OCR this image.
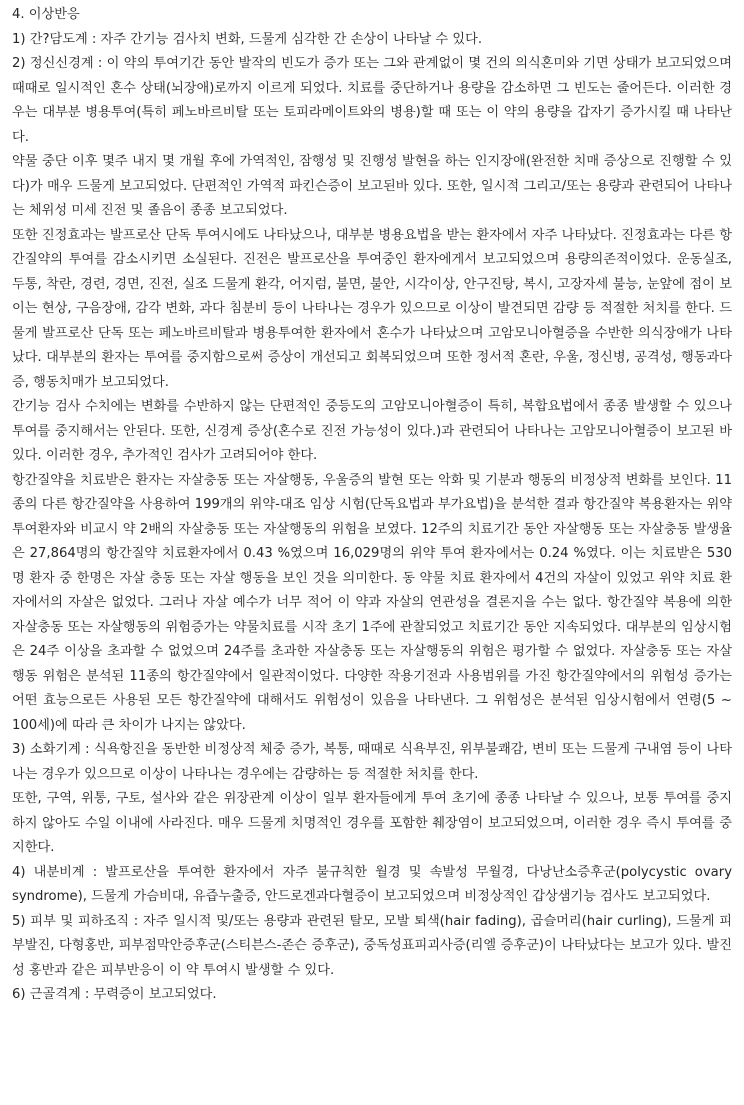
4. 이상반응

1) 간?담도계 : 자주 간기능 검사치 변화, 드물게 심각한 간 손상이 나타날 수 있다.

2) 정신신경계 : 이 약의 투여기간 동안 발작의 빈도가 증가 또는 그와 관계없이 몇 건의 의식혼미와 기면 상태가 보고되었으며 때때로 일시적인 혼수 상태(뇌장애)로까지 이르게 되었다. 치료를 중단하거나 용량을 감소하면 그 빈도는 줄어든다. 이러한 경우는 대부분 병용투여(특히 페노바르비탈 또는 토피라메이트와의 병용)할 때 또는 이 약의 용량을 갑자기 증가시킬 때 나타난다.

약물 중단 이후 몇주 내지 몇 개월 후에 가역적인, 잠행성 및 진행성 발현을 하는 인지장애(완전한 치매 증상으로 진행할 수 있다)가 매우 드물게 보고되었다. 단편적인 가역적 파킨슨증이 보고된바 있다. 또한, 일시적 그리고/또는 용량과 관련되어 나타나는 체위성 미세 진전 및 졸음이 종종 보고되었다.

또한 진정효과는 발프로산 단독 투여시에도 나타났으나, 대부분 병용요법을 받는 환자에서 자주 나타났다. 진정효과는 다른 항간질약의 투여를 감소시키면 소실된다. 진전은 발프로산을 투여중인 환자에게서 보고되었으며 용량의존적이었다. 운동실조, 두통, 착란, 경련, 경면, 진전, 실조 드물게 환각, 어지럼, 불면, 불안, 시각이상, 안구진탕, 복시, 고장자세 불능, 눈앞에 점이 보이는 현상, 구음장애, 감각 변화, 과다 침분비 등이 나타나는 경우가 있으므로 이상이 발견되면 감량 등 적절한 처치를 한다. 드물게 발프로산 단독 또는 페노바르비탈과 병용투여한 환자에서 혼수가 나타났으며 고암모니아혈증을 수반한 의식장애가 나타났다. 대부분의 환자는 투여를 중지함으로써 증상이 개선되고 회복되었으며 또한 정서적 혼란, 우울, 정신병, 공격성, 행동과다증, 행동치매가 보고되었다.

간기능 검사 수치에는 변화를 수반하지 않는 단편적인 중등도의 고암모니아혈증이 특히, 복합요법에서 종종 발생할 수 있으나 투여를 중지해서는 안된다. 또한, 신경계 증상(혼수로 진전 가능성이 있다.)과 관련되어 나타나는 고암모니아혈증이 보고된 바 있다. 이러한 경우, 추가적인 검사가 고려되어야 한다.

항간질약을 치료받은 환자는 자살충동 또는 자살행동, 우울증의 발현 또는 악화 및 기분과 행동의 비정상적 변화를 보인다. 11종의 다른 항간질약을 사용하여 199개의 위약-대조 임상 시험(단독요법과 부가요법)을 분석한 결과 항간질약 복용환자는 위약 투여환자와 비교시 약 2배의 자살충동 또는 자살행동의 위험을 보였다. 12주의 치료기간 동안 자살행동 또는 자살충동 발생율은 27,864명의 항간질약 치료환자에서 0.43 %였으며 16,029명의 위약 투여 환자에서는 0.24 %였다. 이는 치료받은 530명 환자 중 한명은 자살 충동 또는 자살 행동을 보인 것을 의미한다. 동 약물 치료 환자에서 4건의 자살이 있었고 위약 치료 환자에서의 자살은 없었다. 그러나 자살 예수가 너무 적어 이 약과 자살의 연관성을 결론지을 수는 없다. 항간질약 복용에 의한 자살충동 또는 자살행동의 위험증가는 약물치료를 시작 초기 1주에 관찰되었고 치료기간 동안 지속되었다. 대부분의 임상시험은 24주 이상을 초과할 수 없었으며 24주를 초과한 자살충동 또는 자살행동의 위험은 평가할 수 없었다. 자살충동 또는 자살행동 위험은 분석된 11종의 항간질약에서 일관적이었다. 다양한 작용기전과 사용범위를 가진 항간질약에서의 위험성 증가는 어떤 효능으로든 사용된 모든 항간질약에 대해서도 위험성이 있음을 나타낸다. 그 위험성은 분석된 임상시험에서 연령(5 ~ 100세)에 따라 큰 차이가 나지는 않았다.

3) 소화기계 : 식욕항진을 동반한 비정상적 체중 증가, 복통, 때때로 식욕부진, 위부불쾌감, 변비 또는 드물게 구내염 등이 나타나는 경우가 있으므로 이상이 나타나는 경우에는 감량하는 등 적절한 처치를 한다.

또한, 구역, 위통, 구토, 설사와 같은 위장관계 이상이 일부 환자들에게 투여 초기에 종종 나타날 수 있으나, 보통 투여를 중지하지 않아도 수일 이내에 사라진다. 매우 드물게 치명적인 경우를 포함한 췌장염이 보고되었으며, 이러한 경우 즉시 투여를 중지한다.

4) 내분비계 : 발프로산을 투여한 환자에서 자주 불규칙한 월경 및 속발성 무월경, 다낭난소증후군(polycystic ovary syndrome), 드물게 가슴비대, 유즙누출증, 안드로겐과다혈증이 보고되었으며 비정상적인 갑상샘기능 검사도 보고되었다.

5) 피부 및 피하조직 : 자주 일시적 및/또는 용량과 관련된 탈모, 모발 퇴색(hair fading), 곱슬머리(hair curling), 드물게 피부발진, 다형홍반, 피부점막안증후군(스티븐스-존슨 증후군), 중독성표피괴사증(리엘 증후군)이 나타났다는 보고가 있다. 발진성 홍반과 같은 피부반응이 이 약 투여시 발생할 수 있다.

6) 근골격계 : 무력증이 보고되었다.
